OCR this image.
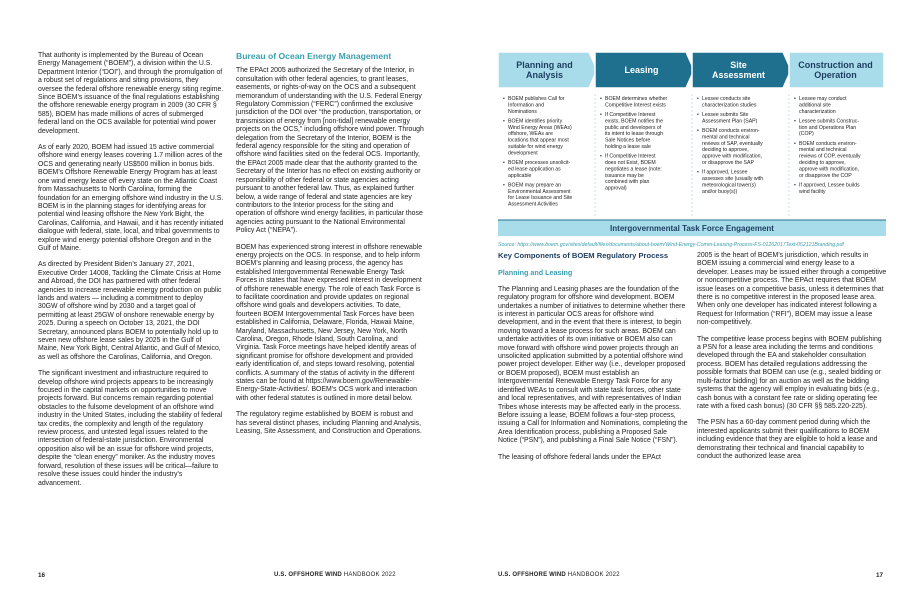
That authority is implemented by the Bureau of Ocean Energy Management (“BOEM”), a division within the U.S. Department Interior (“DOI”), and through the promulgation of a robust set of regulations and siting provisions, they oversee the federal offshore renewable energy siting regime. Since BOEM’s issuance of the final regulations establishing the offshore renewable energy program in 2009 (30 CFR § 585), BOEM has made millions of acres of submerged federal land on the OCS available for potential wind power development.

As of early 2020, BOEM had issued 15 active commercial offshore wind energy leases covering 1.7 million acres of the OCS and generating nearly US$500 million in bonus bids. BOEM’s Offshore Renewable Energy Program has at least one wind energy lease off every state on the Atlantic Coast from Massachusetts to North Carolina, forming the foundation for an emerging offshore wind industry in the U.S. BOEM is in the planning stages for identifying areas for potential wind leasing offshore the New York Bight, the Carolinas, California, and Hawaii, and it has recently initiated dialogue with federal, state, local, and tribal governments to explore wind energy potential offshore Oregon and in the Gulf of Maine.

As directed by President Biden’s January 27, 2021, Executive Order 14008, Tackling the Climate Crisis at Home and Abroad, the DOI has partnered with other federal agencies to increase renewable energy production on public lands and waters — including a commitment to deploy 30GW of offshore wind by 2030 and a target goal of permitting at least 25GW of onshore renewable energy by 2025. During a speech on October 13, 2021, the DOI Secretary, announced plans BOEM to potentially hold up to seven new offshore lease sales by 2025 in the Gulf of Maine, New York Bight, Central Atlantic, and Gulf of Mexico, as well as offshore the Carolinas, California, and Oregon.

The significant investment and infrastructure required to develop offshore wind projects appears to be increasingly focused in the capital markets on opportunities to move projects forward. But concerns remain regarding potential obstacles to the fulsome development of an offshore wind industry in the United States, including the stability of federal tax credits, the complexity and length of the regulatory review process, and untested legal issues related to the intersection of federal-state jurisdiction. Environmental opposition also will be an issue for offshore wind projects, despite the “clean energy” moniker. As the industry moves forward, resolution of these issues will be critical—failure to resolve these issues could hinder the industry’s advancement.

Bureau of Ocean Energy Management

The EPAct 2005 authorized the Secretary of the Interior, in consultation with other federal agencies, to grant leases, easements, or rights-of-way on the OCS and a subsequent memorandum of understanding with the U.S. Federal Energy Regulatory Commission (“FERC”) confirmed the exclusive jurisdiction of the DOI over “the production, transportation, or transmission of energy from [non-tidal] renewable energy projects on the OCS,” including offshore wind power. Through delegation from the Secretary of the Interior, BOEM is the federal agency responsible for the siting and operation of offshore wind facilities sited on the federal OCS. Importantly, the EPAct 2005 made clear that the authority granted to the Secretary of the Interior has no effect on existing authority or responsibility of other federal or state agencies acting pursuant to another federal law. Thus, as explained further below, a wide range of federal and state agencies are key contributors to the Interior process for the siting and operation of offshore wind energy facilities, in particular those agencies acting pursuant to the National Environmental Policy Act (“NEPA”).

BOEM has experienced strong interest in offshore renewable energy projects on the OCS. In response, and to help inform BOEM’s planning and leasing process, the agency has established Intergovernmental Renewable Energy Task Forces in states that have expressed interest in development of offshore renewable energy. The role of each Task Force is to facilitate coordination and provide updates on regional offshore wind goals and developers activities. To date, fourteen BOEM Intergovernmental Task Forces have been established in California, Delaware, Florida, Hawaii Maine, Maryland, Massachusetts, New Jersey, New York, North Carolina, Oregon, Rhode Island, South Carolina, and Virginia. Task Force meetings have helped identify areas of significant promise for offshore development and provided early identification of, and steps toward resolving, potential conflicts. A summary of the status of activity in the different states can be found at https://www.boem.gov/Renewable-Energy-State-Activities/. BOEM’s OCS work and interaction with other federal statutes is outlined in more detail below.

The regulatory regime established by BOEM is robust and has several distinct phases, including Planning and Analysis, Leasing, Site Assessment, and Construction and Operations.

16	U.S. OFFSHORE WIND HANDBOOK 2022
Planning and
Analysis
• BOEM publishes Call for
Information and
Nominations
• BOEM identifies priority
Wind Energy Areas (WEAs)
offshore, WEAs are
locations that appear most
suitable for wind energy
development
• BOEM processes unsolicit-
ed lease application as
applicable
• BOEM may prepare an
Environmental Assessment
for Lease Issuance and Site
Assessment Activities
Leasing
• BOEM determines whether
Competitive Interest exists
• If Competitive Interest
exists, BOEM notifies the
public and developers of
its intent to lease through
Sale Notices before
holding a lease sale
• If Competitive Interest
does not Exist, BOEM
negotiates a lease (note:
issuance may be
combined with plan
approval)
Site
Assessment
• Lessee conducts site
characterization studies
• Lessee submits Site
Assessment Plan (SAP)
• BOEM conducts environ-
mental and technical
reviews of SAP, eventually
deciding to approve,
approve with modification,
or disapprove the SAP
• If approved, Lessee
assesses site (usually with
meteorological tower(s)
and/or buoy(s))
Construction and
Operation
• Lessee may conduct
additional site
characterization
• Lessee submits Construc-
tion and Operations Plan
(COP)
• BOEM conducts environ-
mental and technical
reviews of COP, eventually
deciding to approve,
approve with modification,
or disapprove the COP
• If approved, Lessee builds
wind facility
Intergovernmental Task Force Engagement
Source: https://www.boem.gov/sites/default/files/documents/about-boem/Wind-Energy-Comm-Leasing-Process-FS-01262017Text-052121Branding.pdf
Key Components of BOEM Regulatory Process
Planning and Leasing

The Planning and Leasing phases are the foundation of the regulatory program for offshore wind development. BOEM undertakes a number of initiatives to determine whether there is interest in particular OCS areas for offshore wind development, and in the event that there is interest, to begin moving toward a lease process for such areas. BOEM can undertake activities of its own initiative or BOEM also can move forward with offshore wind power projects through an unsolicited application submitted by a potential offshore wind power project developer. Either way (i.e., developer proposed or BOEM proposed), BOEM must establish an Intergovernmental Renewable Energy Task Force for any identified WEAs to consult with state task forces, other state and local representatives, and with representatives of Indian Tribes whose interests may be affected early in the process. Before issuing a lease, BOEM follows a four-step process, issuing a Call for Information and Nominations, completing the Area Identification process, publishing a Proposed Sale Notice (“PSN”), and publishing a Final Sale Notice (“FSN”).

The leasing of offshore federal lands under the EPAct

2005 is the heart of BOEM’s jurisdiction, which results in BOEM issuing a commercial wind energy lease to a developer. Leases may be issued either through a competitive or noncompetitive process. The EPAct requires that BOEM issue leases on a competitive basis, unless it determines that there is no competitive interest in the proposed lease area. When only one developer has indicated interest following a Request for Information (“RFI”), BOEM may issue a lease non-competitively.

The competitive lease process begins with BOEM publishing a PSN for a lease area including the terms and conditions developed through the EA and stakeholder consultation process. BOEM has detailed regulations addressing the possible formats that BOEM can use (e.g., sealed bidding or multi-factor bidding) for an auction as well as the bidding systems that the agency will employ in evaluating bids (e.g., cash bonus with a constant fee rate or sliding operating fee rate with a fixed cash bonus) (30 CFR §§ 585.220-225).

The PSN has a 60-day comment period during which the interested applicants submit their qualifications to BOEM including evidence that they are eligible to hold a lease and demonstrating their technical and financial capability to conduct the authorized lease area

U.S. OFFSHORE WIND HANDBOOK 2022	17
